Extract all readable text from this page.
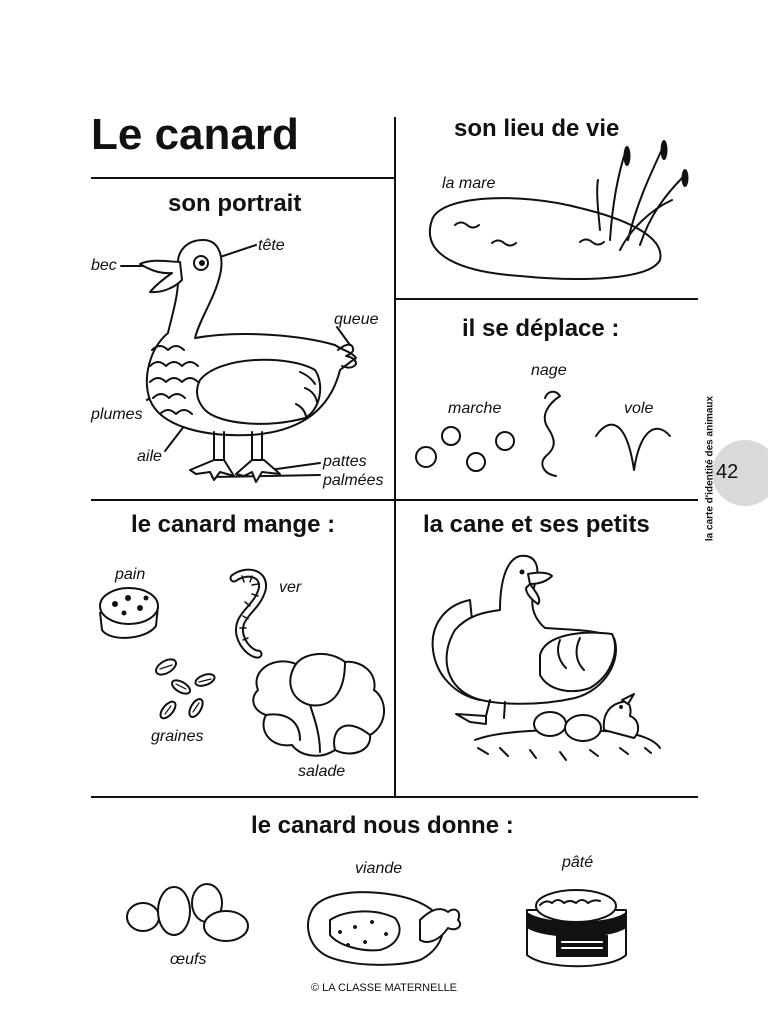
Le canard
son portrait
son lieu de vie
il se déplace :
le canard mange :	la cane et ses petits
le canard nous donne :
bec
tête
queue
plumes
aile	pattes
palmées
la mare
nage
marche	vole
pain
ver
graines
salade
œufs
viande	pâté
TÊ
42
la carte d'identité des animaux
© LA CLASSE MATERNELLE
